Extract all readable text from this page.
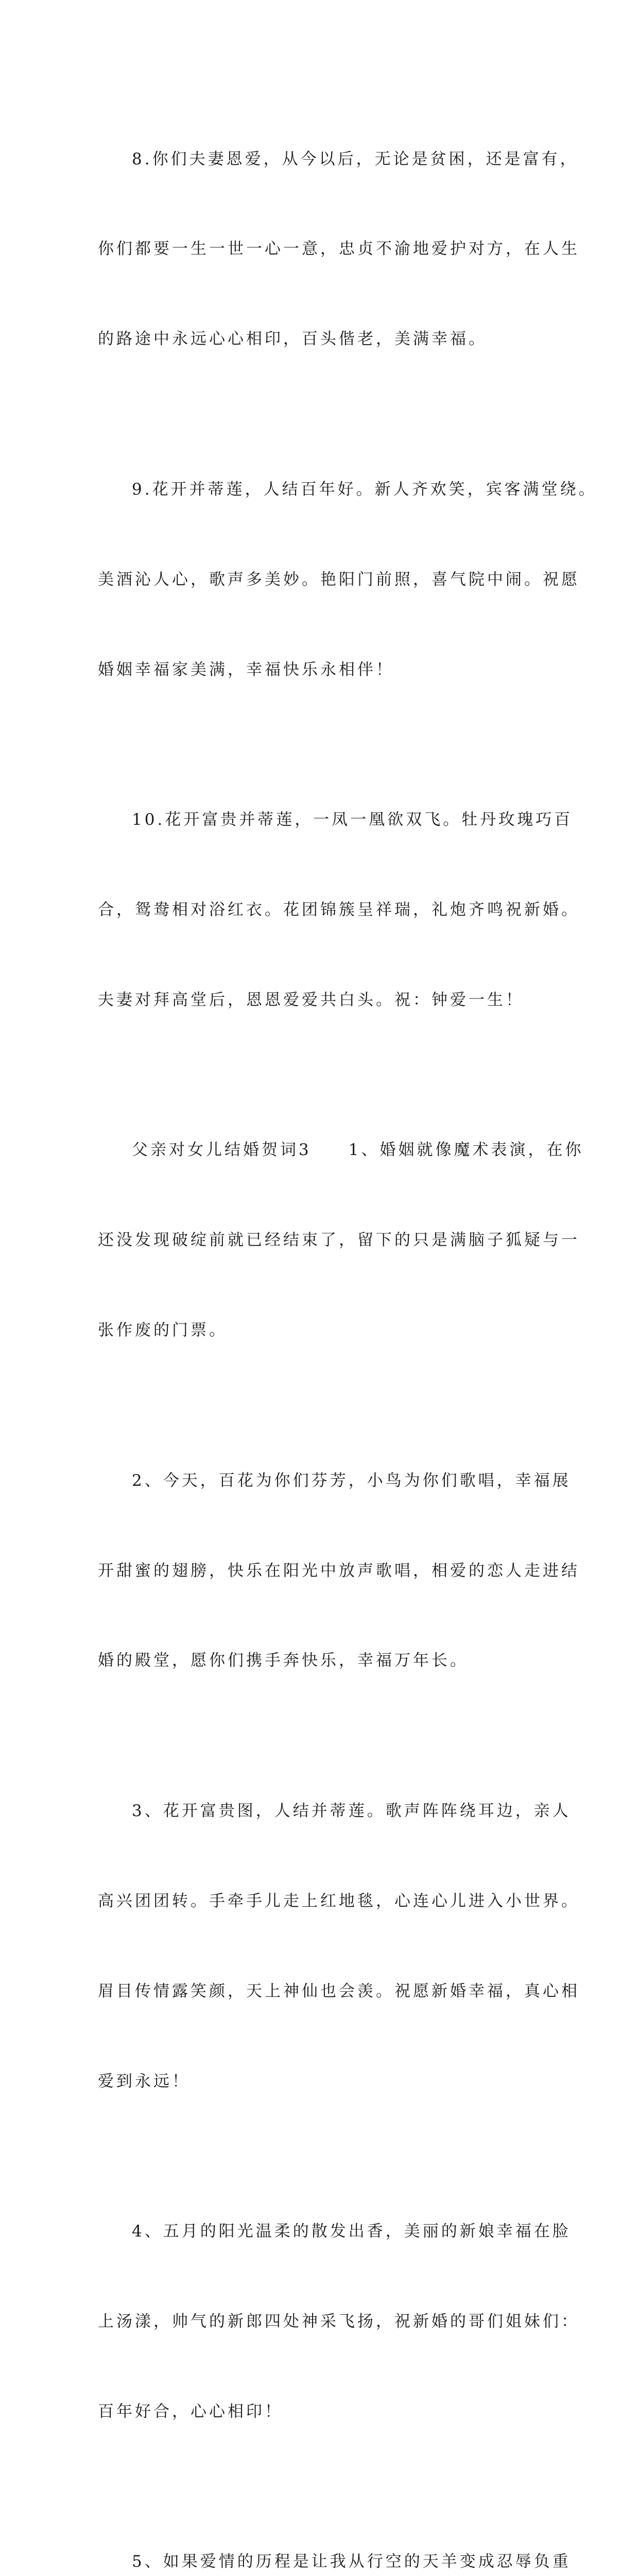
8.你们夫妻恩爱，从今以后，无论是贫困，还是富有，

你们都要一生一世一心一意，忠贞不渝地爱护对方，在人生

的路途中永远心心相印，百头偕老，美满幸福。

9.花开并蒂莲，人结百年好。新人齐欢笑，宾客满堂绕。

美酒沁人心，歌声多美妙。艳阳门前照，喜气院中闹。祝愿

婚姻幸福家美满，幸福快乐永相伴！

10.花开富贵并蒂莲，一凤一凰欲双飞。牡丹玫瑰巧百

合，鸳鸯相对浴红衣。花团锦簇呈祥瑞，礼炮齐鸣祝新婚。

夫妻对拜高堂后，恩恩爱爱共白头。祝：钟爱一生！

父亲对女儿结婚贺词3　　1、婚姻就像魔术表演，在你

还没发现破绽前就已经结束了，留下的只是满脑子狐疑与一

张作废的门票。

2、今天，百花为你们芬芳，小鸟为你们歌唱，幸福展

开甜蜜的翅膀，快乐在阳光中放声歌唱，相爱的恋人走进结

婚的殿堂，愿你们携手奔快乐，幸福万年长。

3、花开富贵图，人结并蒂莲。歌声阵阵绕耳边，亲人

高兴团团转。手牵手儿走上红地毯，心连心儿进入小世界。

眉目传情露笑颜，天上神仙也会羡。祝愿新婚幸福，真心相

爱到永远！

4、五月的阳光温柔的散发出香，美丽的新娘幸福在脸

上汤漾，帅气的新郎四处神采飞扬，祝新婚的哥们姐妹们：

百年好合，心心相印！

5、如果爱情的历程是让我从行空的天羊变成忍辱负重
